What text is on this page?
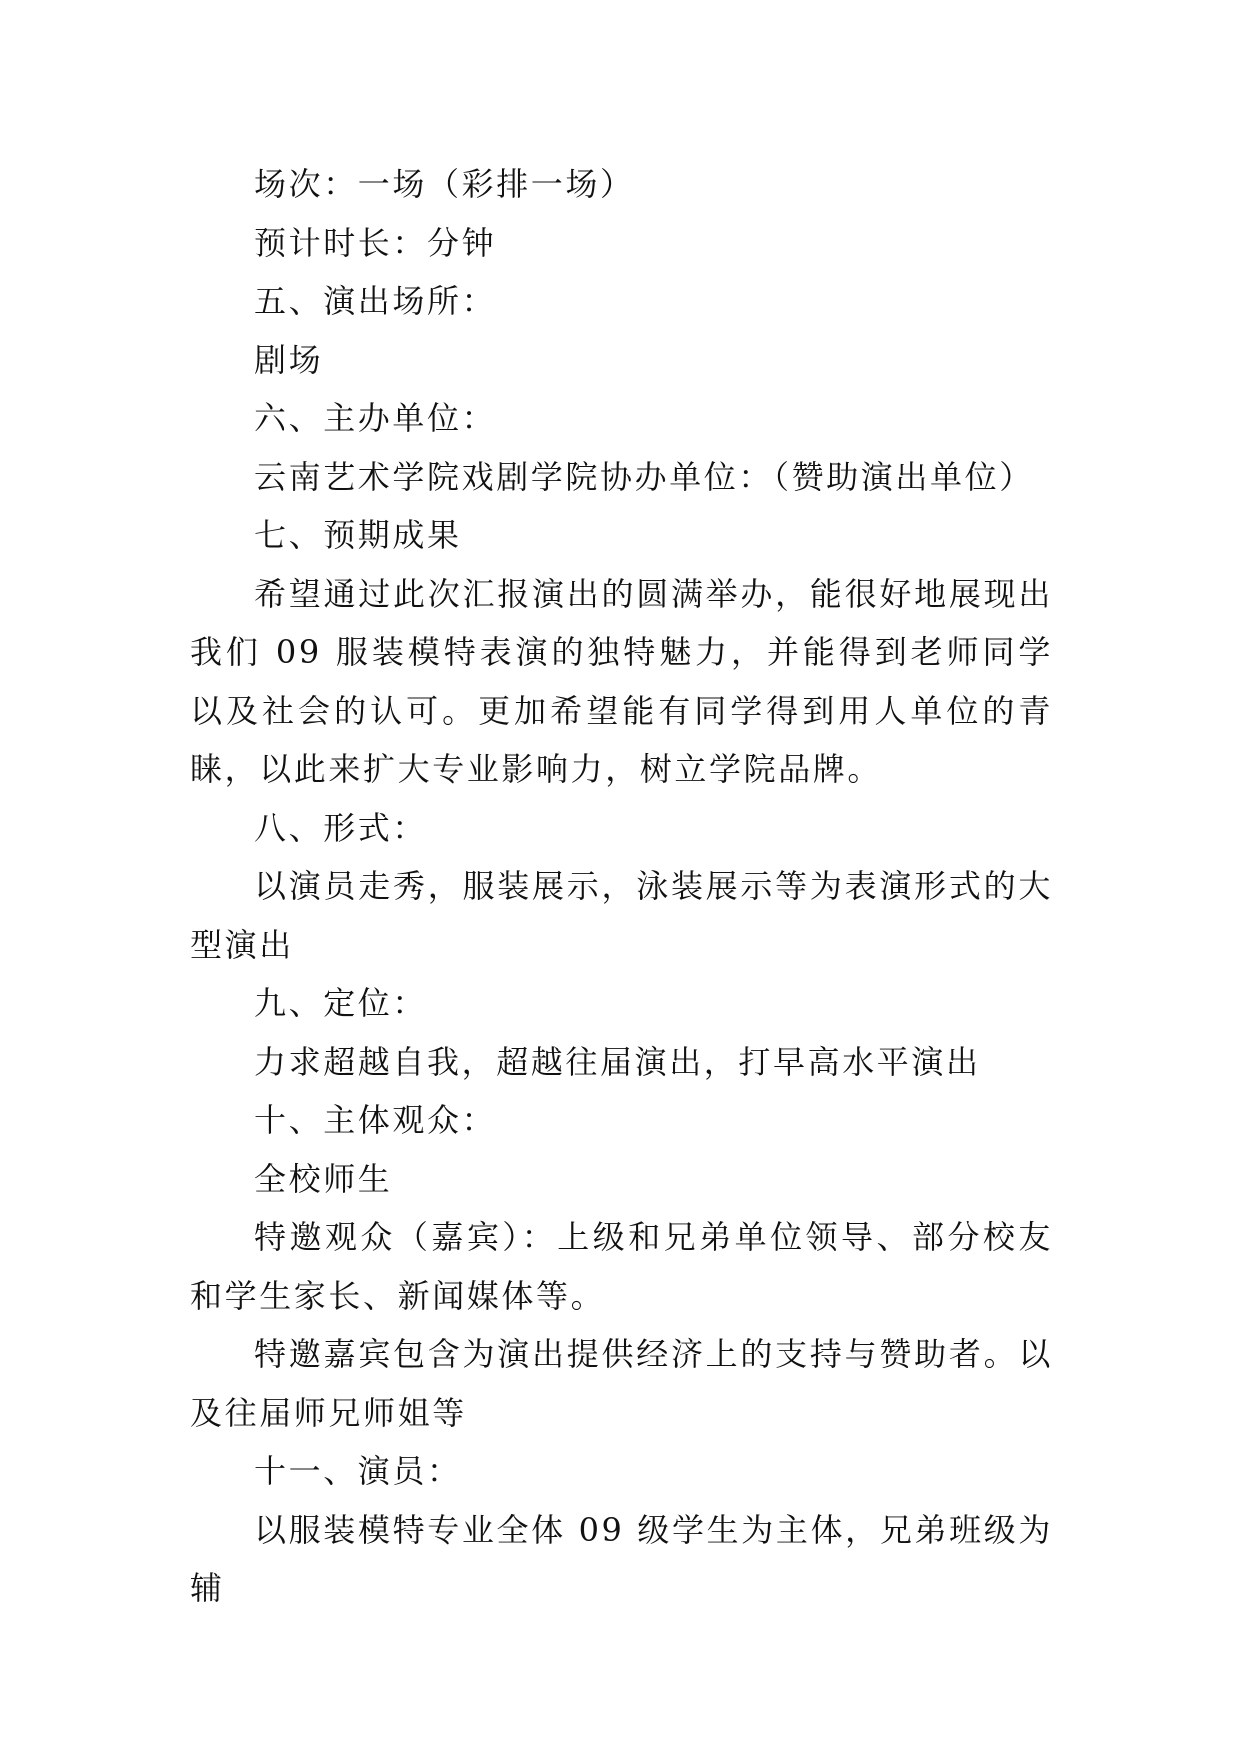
场次：一场（彩排一场）

预计时长：分钟

五、演出场所：

剧场

六、主办单位：

云南艺术学院戏剧学院协办单位：（赞助演出单位）

七、预期成果

希望通过此次汇报演出的圆满举办，能很好地展现出我们 09 服装模特表演的独特魅力，并能得到老师同学以及社会的认可。更加希望能有同学得到用人单位的青睐，以此来扩大专业影响力，树立学院品牌。

八、形式：

以演员走秀，服装展示，泳装展示等为表演形式的大型演出

九、定位：

力求超越自我，超越往届演出，打早高水平演出

十、主体观众：

全校师生

特邀观众（嘉宾）：上级和兄弟单位领导、部分校友和学生家长、新闻媒体等。

特邀嘉宾包含为演出提供经济上的支持与赞助者。以及往届师兄师姐等

十一、演员：

以服装模特专业全体 09 级学生为主体，兄弟班级为辅
